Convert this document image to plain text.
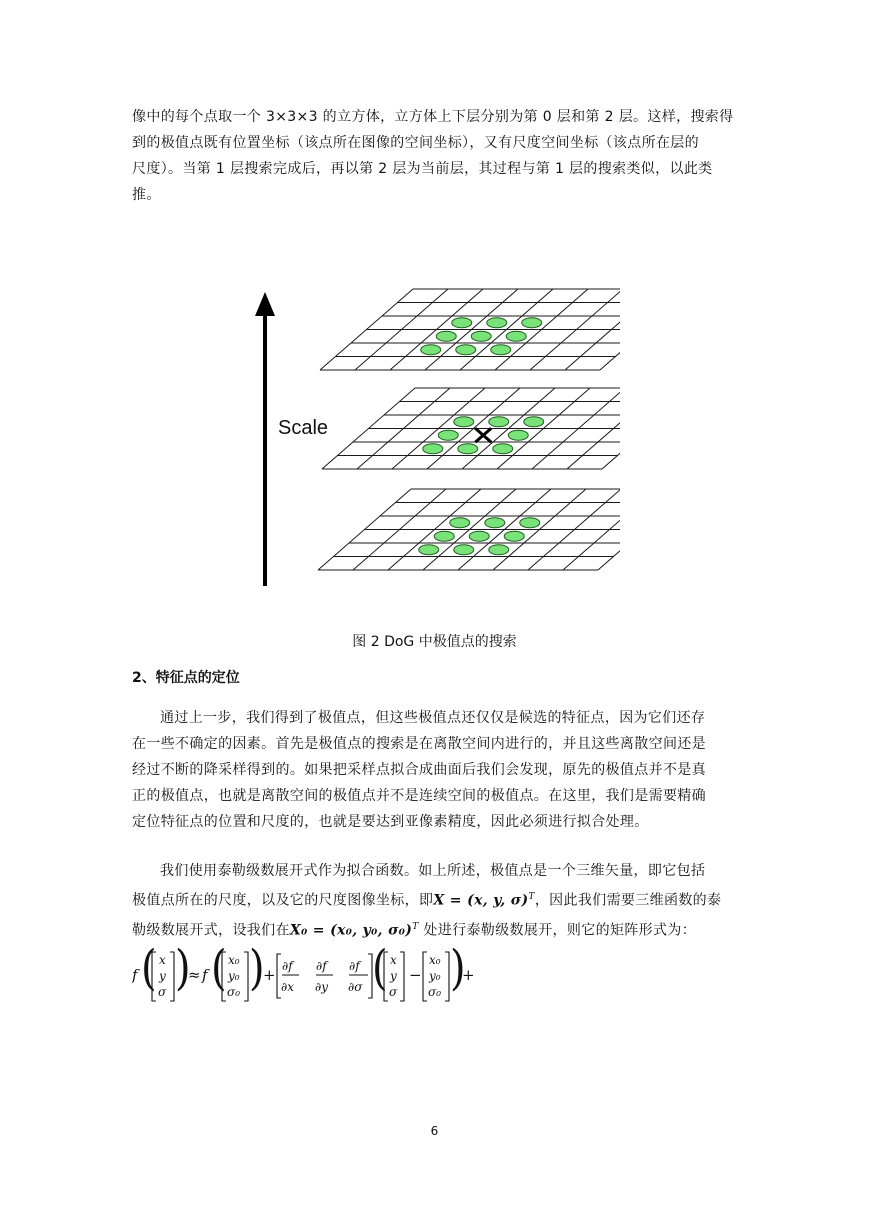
像中的每个点取一个 3×3×3 的立方体，立方体上下层分别为第 0 层和第 2 层。这样，搜索得
到的极值点既有位置坐标（该点所在图像的空间坐标），又有尺度空间坐标（该点所在层的
尺度）。当第 1 层搜索完成后，再以第 2 层为当前层，其过程与第 1 层的搜索类似，以此类
推。
Scale
图 2 DoG 中极值点的搜索
2、特征点的定位
通过上一步，我们得到了极值点，但这些极值点还仅仅是候选的特征点，因为它们还存
在一些不确定的因素。首先是极值点的搜索是在离散空间内进行的，并且这些离散空间还是
经过不断的降采样得到的。如果把采样点拟合成曲面后我们会发现，原先的极值点并不是真
正的极值点，也就是离散空间的极值点并不是连续空间的极值点。在这里，我们是需要精确
定位特征点的位置和尺度的，也就是要达到亚像素精度，因此必须进行拟合处理。
我们使用泰勒级数展开式作为拟合函数。如上所述，极值点是一个三维矢量，即它包括
极值点所在的尺度，以及它的尺度图像坐标，即X = (x, y, σ)$^T$，因此我们需要三维函数的泰
勒级数展开式，设我们在X₀ = (x₀, y₀, σ₀)$^T$ 处进行泰勒级数展开，则它的矩阵形式为：
f ( x
y
σ )
≈ f ( x₀
y₀
σ₀ )
+ ∂f
∂x
∂f
∂y
∂f
∂σ ( x
y
σ
−
x₀
y₀
σ₀ )
+
6
